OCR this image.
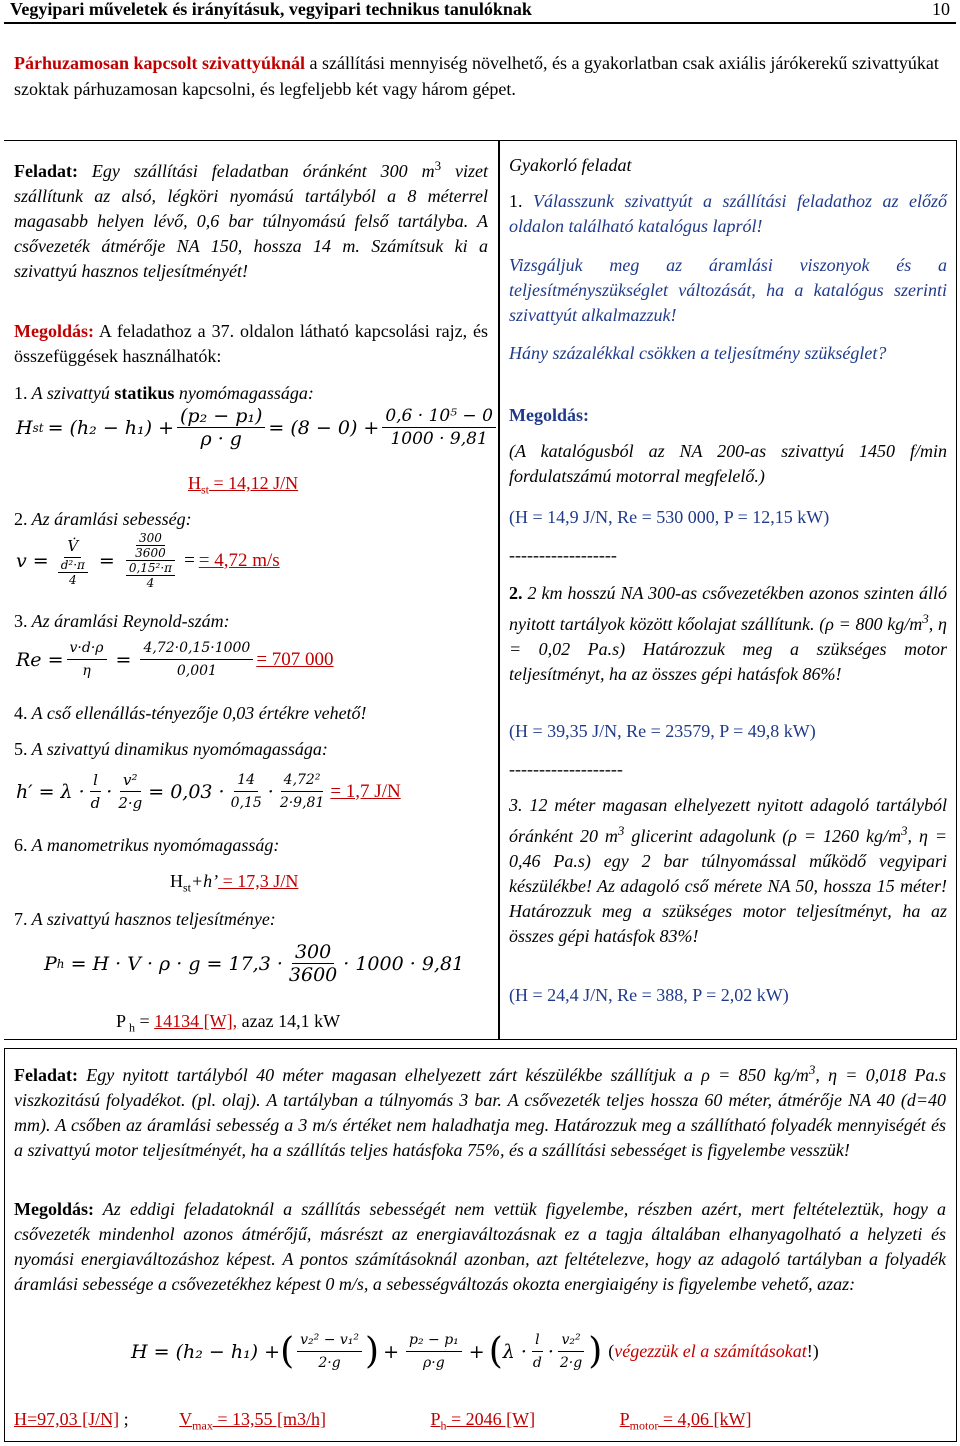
Vegyipari műveletek és irányításuk, vegyipari technikus tanulóknak	10
Párhuzamosan kapcsolt szivattyúknál a szállítási mennyiség növelhető, és a gyakorlatban csak axiális járókerekű szivattyúkat szoktak párhuzamosan kapcsolni, és legfeljebb két vagy három gépet.
Feladat: Egy szállítási feladatban óránként 300 $m^3$ vizet szállítunk az alsó, légköri nyomású tartályból a 8 méterrel magasabb helyen lévő, 0,6 bar túlnyomású felső tartályba. A csővezeték átmérője NA 150, hossza 14 m. Számítsuk ki a szivattyú hasznos teljesítményét!
Megoldás: A feladathoz a 37. oldalon látható kapcsolási rajz, és összefüggések használhatók:
1. A szivattyú statikus nyomómagassága:
H st = $(h_2 - h_1) + \frac{\text{(p₂ − p₁)}}{\rho \cdot g} = (8 - 0) + \frac{\text{0,6 · 10⁵ − 0}}{1000 \cdot 9,81}$
$H_{st} = 14,12$ J/N
2. Az áramlási sebesség:
$v = \frac{V̇}{\frac{\text{d²·π}}{4}} = \frac{\frac{300}{3600}}{\frac{\text{0,15²·π}}{4}}$ = = 4,72 m/s
3. Az áramlási Reynold-szám:
$Re = \frac{v\cdot d\cdot\rho}{\eta} = \frac{4,72\cdot 0,15\cdot 1000}{0,001} = 707$ 000
4. A cső ellenállás-tényezője 0,03 értékre vehető!
5. A szivattyú dinamikus nyomómagassága:
$h' = \lambda \cdot \frac{l}{d} \cdot \frac{\text{v²}}{2\cdot g} = 0,03 \cdot \frac{14}{0,15} \cdot \frac{\text{4,72²}}{2\cdot 9,81} = 1,7$ J/N
6. A manometrikus nyomómagasság:
$H_{st}+h$’ = 17,3 J/N
7. A szivattyú hasznos teljesítménye:
P $h = H \cdot V \cdot \rho \cdot g = 17,3 \cdot \frac{300}{3600} \cdot 1000 \cdot 9,81$
P $_h$ = 14134 [W], azaz 14,1 kW
Gyakorló feladat
1. Válasszunk szivattyút a szállítási feladathoz az előző oldalon található katalógus lapról!
Vizsgáljuk meg az áramlási viszonyok és a teljesítményszükséglet változását, ha a katalógus szerinti szivattyút alkalmazzuk!
Hány százalékkal csökken a teljesítmény szükséglet?
Megoldás:
(A katalógusból az NA 200-as szivattyú 1450 f/min fordulatszámú motorral megfelelő.)
(H = 14,9 J/N, Re = 530 000, P = 12,15 kW)
------------------
2. 2 km hosszú NA 300-as csővezetékben azonos szinten álló nyitott tartályok között kőolajat szállítunk. (ρ = 800 $kg/m^3$, η = 0,02 Pa.s) Határozzuk meg a szükséges motor teljesítményt, ha az összes gépi hatásfok 86%!
(H = 39,35 J/N, Re = 23579, P = 49,8 kW)
-------------------
3. 12 méter magasan elhelyezett nyitott adagoló tartályból óránként 20 $m^3$ glicerint adagolunk (ρ = 1260 $kg/m^3$, η = 0,46 Pa.s) egy 2 bar túlnyomással működő vegyipari készülékbe! Az adagoló cső mérete NA 50, hossza 15 méter! Határozzuk meg a szükséges motor teljesítményt, ha az összes gépi hatásfok 83%!
(H = 24,4 J/N, Re = 388, P = 2,02 kW)
Feladat: Egy nyitott tartályból 40 méter magasan elhelyezett zárt készülékbe szállítjuk a ρ = 850 $kg/m^3$, η = 0,018 Pa.s viszkozitású folyadékot. (pl. olaj). A tartályban a túlnyomás 3 bar. A csővezeték teljes hossza 60 méter, átmérője NA 40 (d=40 mm). A csőben az áramlási sebesség a 3 m/s értéket nem haladhatja meg. Határozzuk meg a szállítható folyadék mennyiségét és a szivattyú motor teljesítményét, ha a szállítás teljes hatásfoka 75%, és a szállítási sebességet is figyelembe vesszük!
Megoldás: Az eddigi feladatoknál a szállítás sebességét nem vettük figyelembe, részben azért, mert feltételeztük, hogy a csővezeték mindenhol azonos átmérőjű, másrészt az energiaváltozásnak ez a tagja általában elhanyagolható a helyzeti és nyomási energiaváltozáshoz képest. A pontos számításoknál azonban, azt feltételezve, hogy az adagoló tartályban a folyadék áramlási sebessége a csővezetékhez képest 0 m/s, a sebességváltozás okozta energiaigény is figyelembe vehető, azaz:
H = (h₂ − h₁) + ( $\frac{\text{v₂² − v₁²}}{2\cdot g}$ ) + $\frac{\text{p₂ − p₁}}{\rho\cdot g}$ + ( $\lambda \cdot \frac{l}{d} \cdot \frac{\text{v₂²}}{2\cdot g}$ ) ( végezzük el a számításokat !)
H=97,03 [J/N] ;	$V_{max} = 13,55$ [m3/h]	$P_h = 2046$ [W]	$P_{motor} = 4,06$ [kW]
